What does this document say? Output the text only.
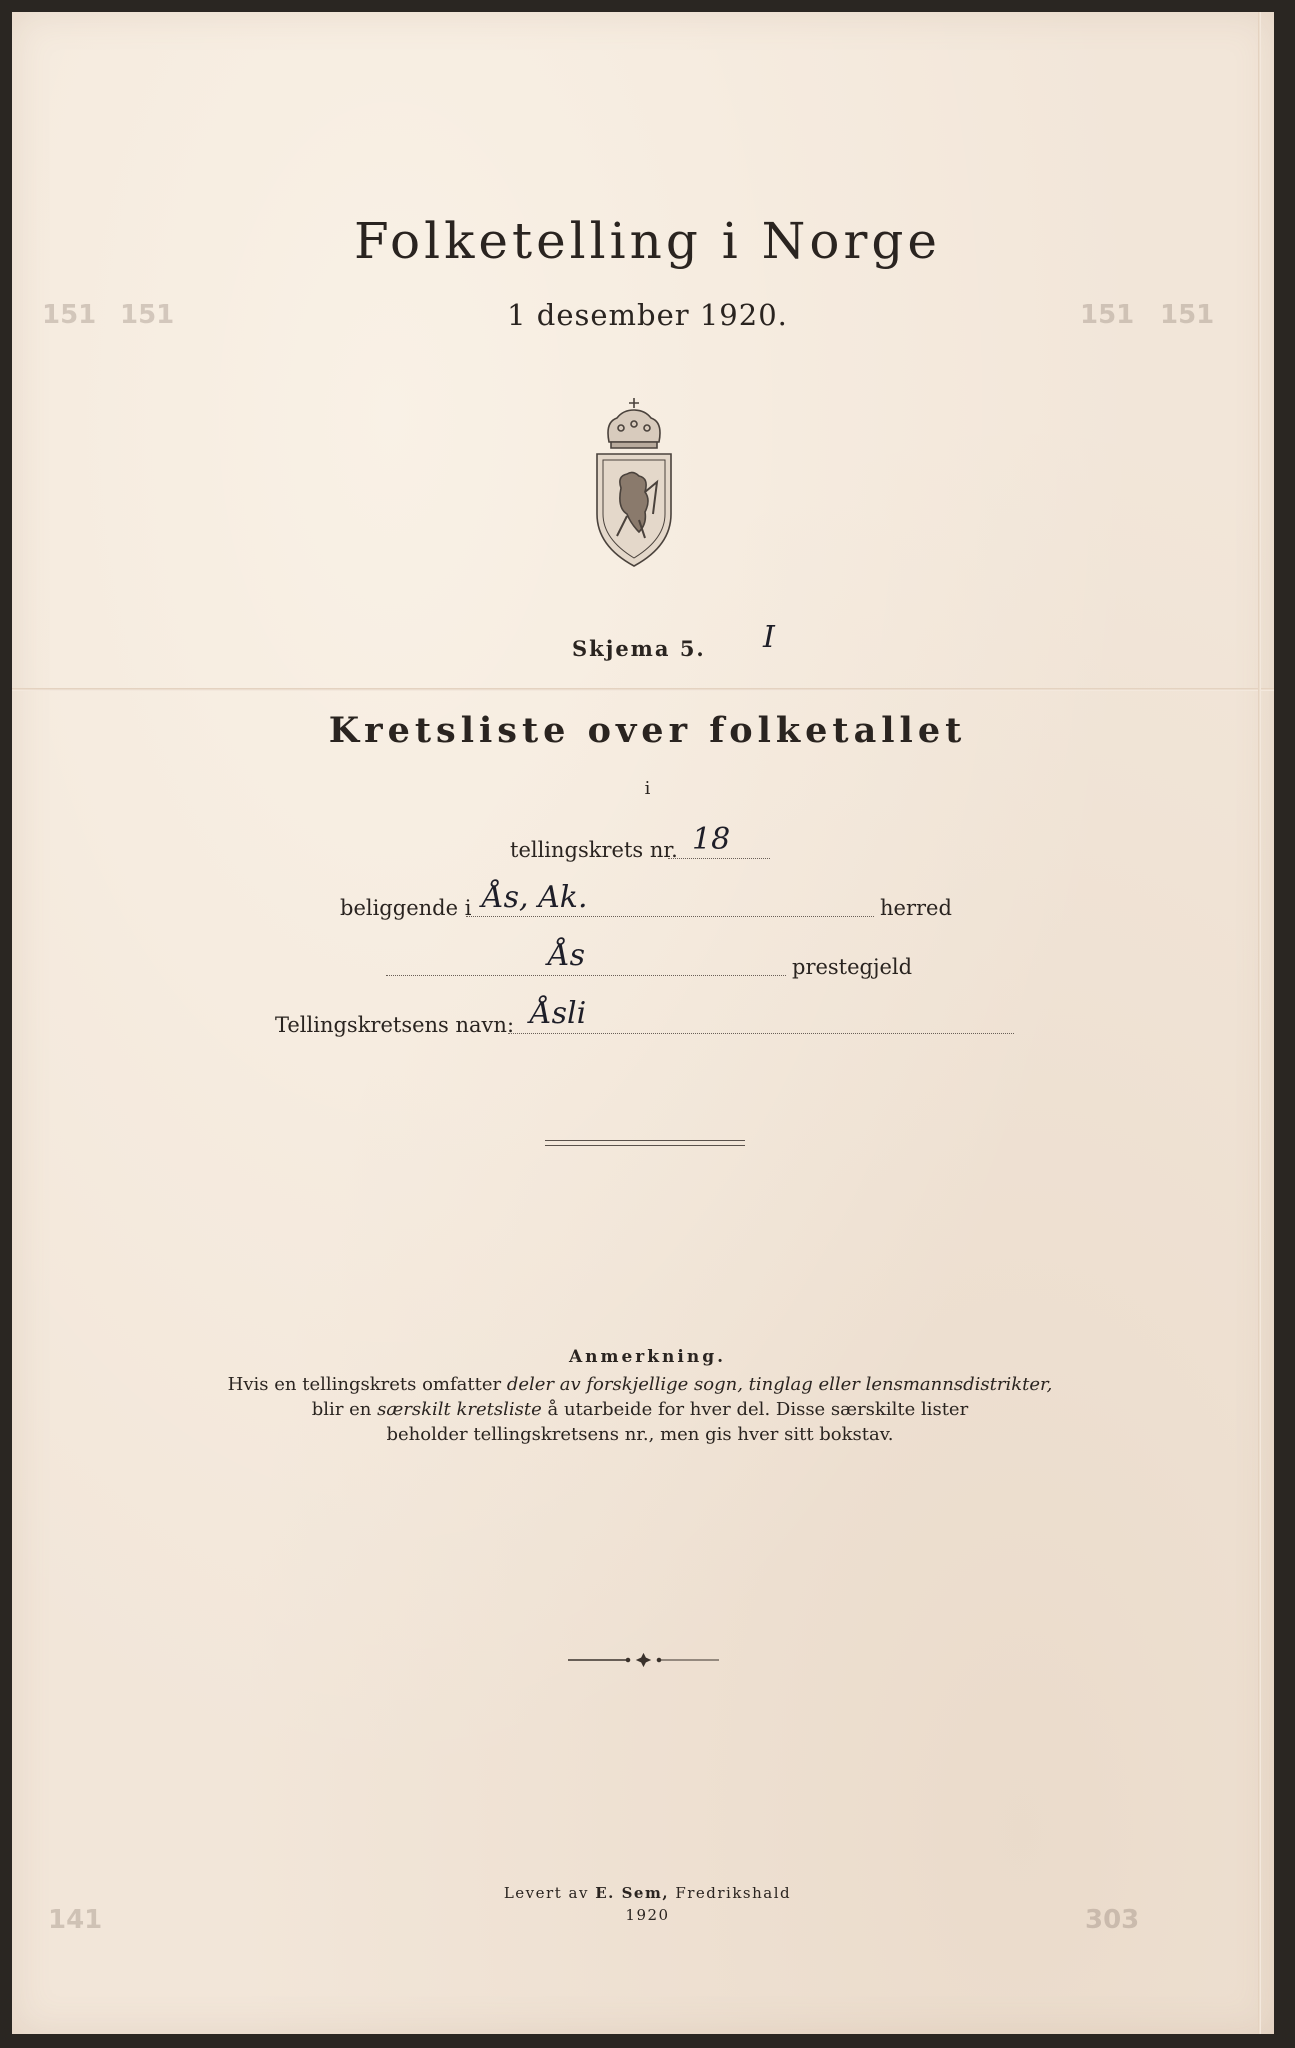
151 151	151 151
141	303
Folketelling i Norge
1 desember 1920.
Skjema 5. I
Kretsliste over folketallet
i
tellingskrets nr. 18
beliggende i Ås, Ak.	herred
Ås	prestegjeld
Tellingskretsens navn: Åsli
Anmerkning.

Hvis en tellingskrets omfatter deler av forskjellige sogn, tinglag eller lensmannsdistrikter,

blir en særskilt kretsliste å utarbeide for hver del. Disse særskilte lister

beholder tellingskretsens nr., men gis hver sitt bokstav.

Levert av E. Sem, Fredrikshald
1920
